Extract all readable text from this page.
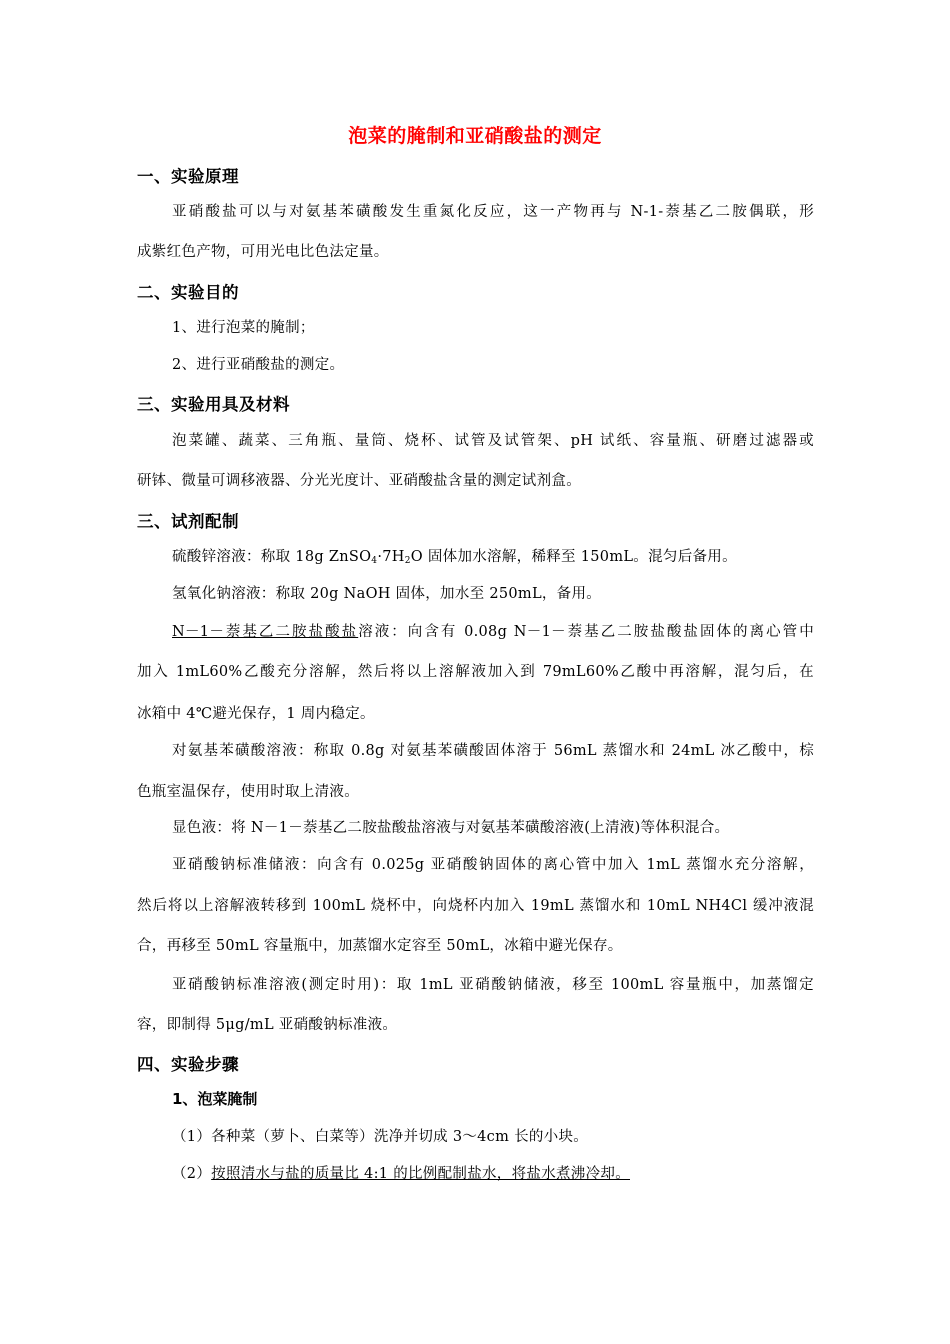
泡菜的腌制和亚硝酸盐的测定
一、实验原理
亚硝酸盐可以与对氨基苯磺酸发生重氮化反应，这一产物再与 N-1-萘基乙二胺偶联，形
成紫红色产物，可用光电比色法定量。
二、实验目的
1、进行泡菜的腌制；
2、进行亚硝酸盐的测定。
三、实验用具及材料
泡菜罐、蔬菜、三角瓶、量筒、烧杯、试管及试管架、pH 试纸、容量瓶、研磨过滤器或
研钵、微量可调移液器、分光光度计、亚硝酸盐含量的测定试剂盒。
三、试剂配制
硫酸锌溶液：称取 18g $ZnSO_4\cdot 7H_2O$ 固体加水溶解，稀释至 150mL。混匀后备用。
氢氧化钠溶液：称取 20g NaOH 固体，加水至 250mL，备用。
N－1－萘基乙二胺盐酸盐溶液：向含有 0.08g N－1－萘基乙二胺盐酸盐固体的离心管中
加入 1mL60%乙酸充分溶解，然后将以上溶解液加入到 79mL60%乙酸中再溶解，混匀后，在
冰箱中 4℃避光保存，1 周内稳定。
对氨基苯磺酸溶液：称取 0.8g 对氨基苯磺酸固体溶于 56mL 蒸馏水和 24mL 冰乙酸中，棕
色瓶室温保存，使用时取上清液。
显色液：将 N－1－萘基乙二胺盐酸盐溶液与对氨基苯磺酸溶液(上清液)等体积混合。
亚硝酸钠标准储液：向含有 0.025g 亚硝酸钠固体的离心管中加入 1mL 蒸馏水充分溶解，
然后将以上溶解液转移到 100mL 烧杯中，向烧杯内加入 19mL 蒸馏水和 10mL NH4Cl 缓冲液混
合，再移至 50mL 容量瓶中，加蒸馏水定容至 50mL，冰箱中避光保存。
亚硝酸钠标准溶液(测定时用)：取 1mL 亚硝酸钠储液，移至 100mL 容量瓶中，加蒸馏定
容，即制得 5μg/mL 亚硝酸钠标准液。
四、实验步骤
1、泡菜腌制
（1）各种菜（萝卜、白菜等）洗净并切成 3～4cm 长的小块。
（2）按照清水与盐的质量比 4:1 的比例配制盐水，将盐水煮沸冷却。
